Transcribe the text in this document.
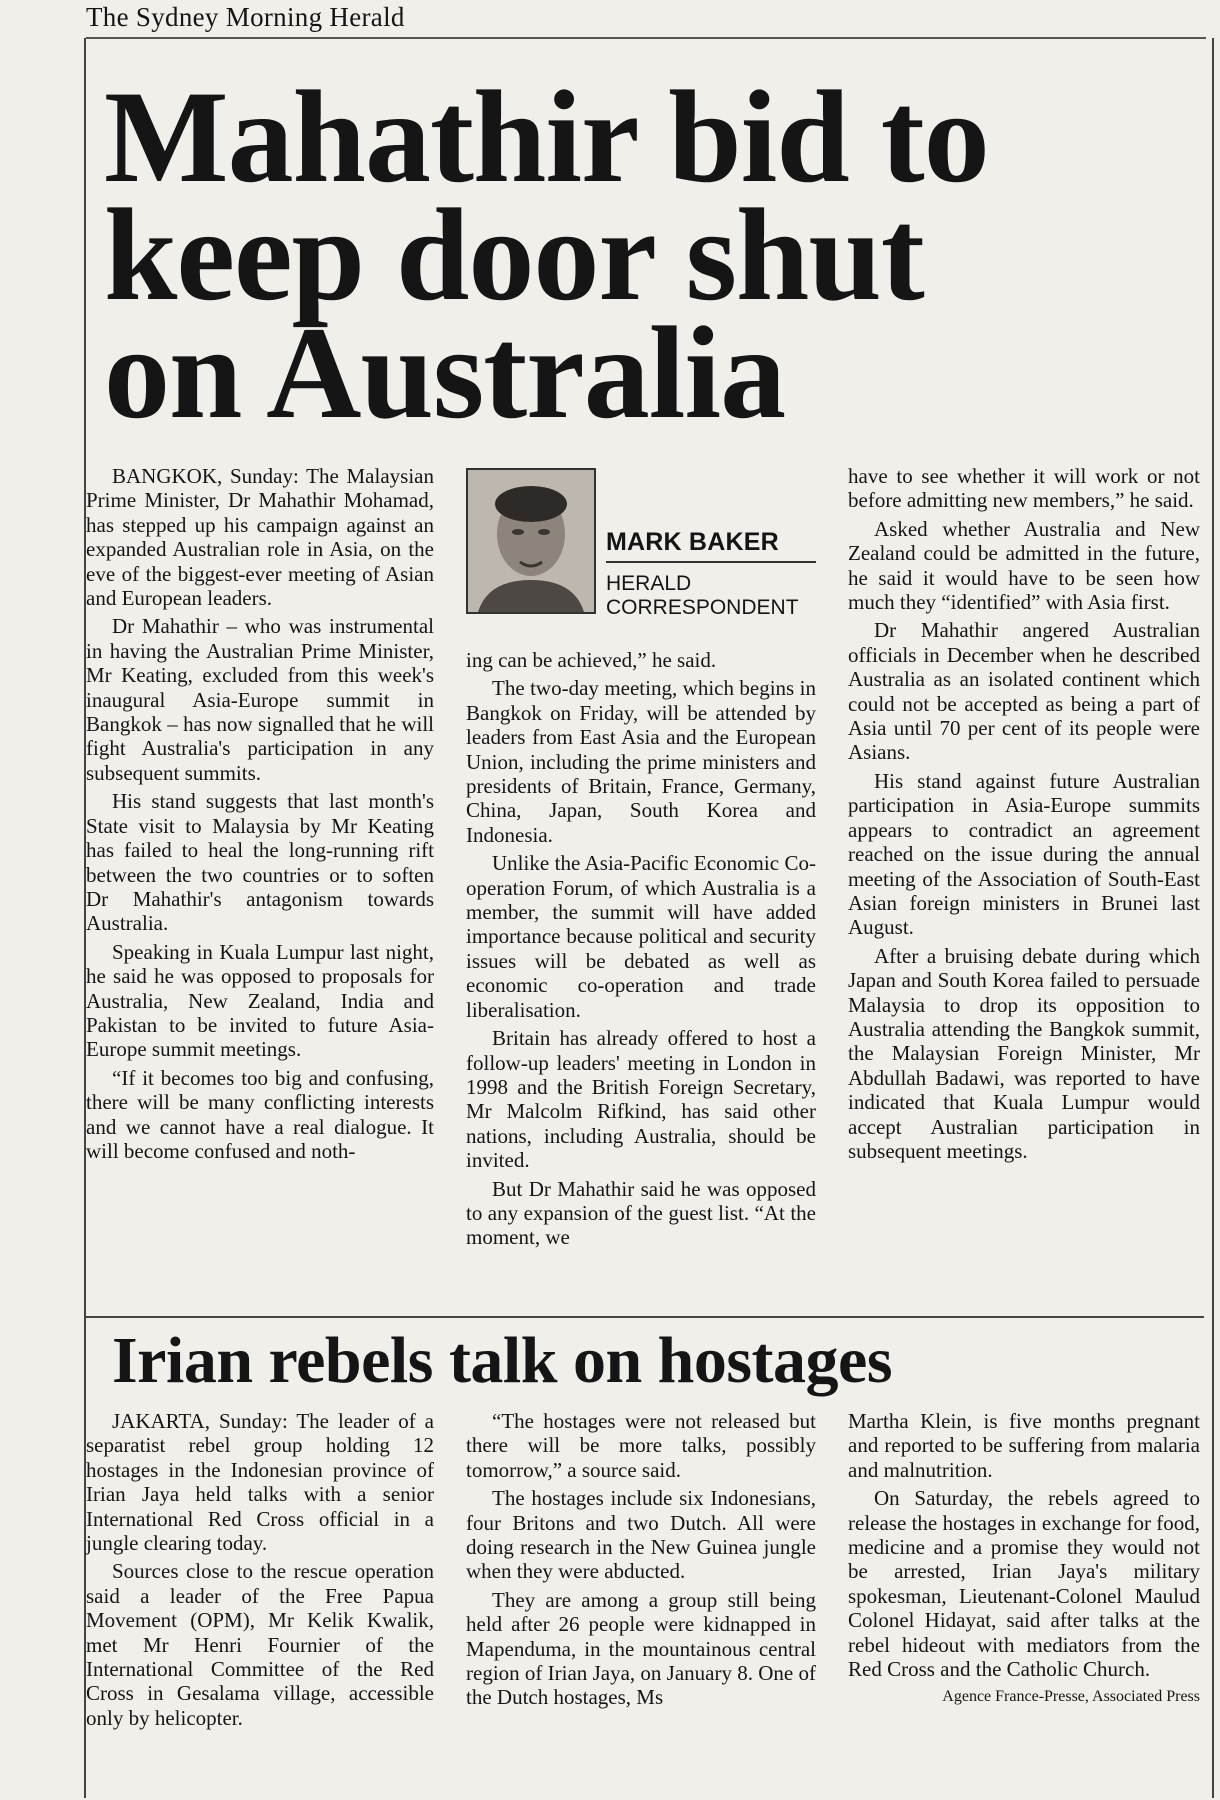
The Sydney Morning Herald
Mahathir bid to
keep door shut
on Australia

BANGKOK, Sunday: The Malaysian Prime Minister, Dr Mahathir Mohamad, has stepped up his campaign against an expanded Australian role in Asia, on the eve of the biggest-ever meeting of Asian and European leaders.

Dr Mahathir – who was instrumental in having the Australian Prime Minister, Mr Keating, excluded from this week's inaugural Asia-Europe summit in Bangkok – has now signalled that he will fight Australia's participation in any subsequent summits.

His stand suggests that last month's State visit to Malaysia by Mr Keating has failed to heal the long-running rift between the two countries or to soften Dr Mahathir's antagonism towards Australia.

Speaking in Kuala Lumpur last night, he said he was opposed to proposals for Australia, New Zealand, India and Pakistan to be invited to future Asia-Europe summit meetings.

“If it becomes too big and confusing, there will be many conflicting interests and we cannot have a real dialogue. It will become confused and noth-

MARK BAKER
HERALD
CORRESPONDENT

ing can be achieved,” he said.

The two-day meeting, which begins in Bangkok on Friday, will be attended by leaders from East Asia and the European Union, including the prime ministers and presidents of Britain, France, Germany, China, Japan, South Korea and Indonesia.

Unlike the Asia-Pacific Economic Co-operation Forum, of which Australia is a member, the summit will have added importance because political and security issues will be debated as well as economic co-operation and trade liberalisation.

Britain has already offered to host a follow-up leaders' meeting in London in 1998 and the British Foreign Secretary, Mr Malcolm Rifkind, has said other nations, including Australia, should be invited.

But Dr Mahathir said he was opposed to any expansion of the guest list. “At the moment, we

have to see whether it will work or not before admitting new members,” he said.

Asked whether Australia and New Zealand could be admitted in the future, he said it would have to be seen how much they “identified” with Asia first.

Dr Mahathir angered Australian officials in December when he described Australia as an isolated continent which could not be accepted as being a part of Asia until 70 per cent of its people were Asians.

His stand against future Australian participation in Asia-Europe summits appears to contradict an agreement reached on the issue during the annual meeting of the Association of South-East Asian foreign ministers in Brunei last August.

After a bruising debate during which Japan and South Korea failed to persuade Malaysia to drop its opposition to Australia attending the Bangkok summit, the Malaysian Foreign Minister, Mr Abdullah Badawi, was reported to have indicated that Kuala Lumpur would accept Australian participation in subsequent meetings.

Irian rebels talk on hostages

JAKARTA, Sunday: The leader of a separatist rebel group holding 12 hostages in the Indonesian province of Irian Jaya held talks with a senior International Red Cross official in a jungle clearing today.

Sources close to the rescue operation said a leader of the Free Papua Movement (OPM), Mr Kelik Kwalik, met Mr Henri Fournier of the International Committee of the Red Cross in Gesalama village, accessible only by helicopter.

“The hostages were not released but there will be more talks, possibly tomorrow,” a source said.

The hostages include six Indonesians, four Britons and two Dutch. All were doing research in the New Guinea jungle when they were abducted.

They are among a group still being held after 26 people were kidnapped in Mapenduma, in the mountainous central region of Irian Jaya, on January 8. One of the Dutch hostages, Ms

Martha Klein, is five months pregnant and reported to be suffering from malaria and malnutrition.

On Saturday, the rebels agreed to release the hostages in exchange for food, medicine and a promise they would not be arrested, Irian Jaya's military spokesman, Lieutenant-Colonel Maulud Colonel Hidayat, said after talks at the rebel hideout with mediators from the Red Cross and the Catholic Church.

Agence France-Presse, Associated Press
